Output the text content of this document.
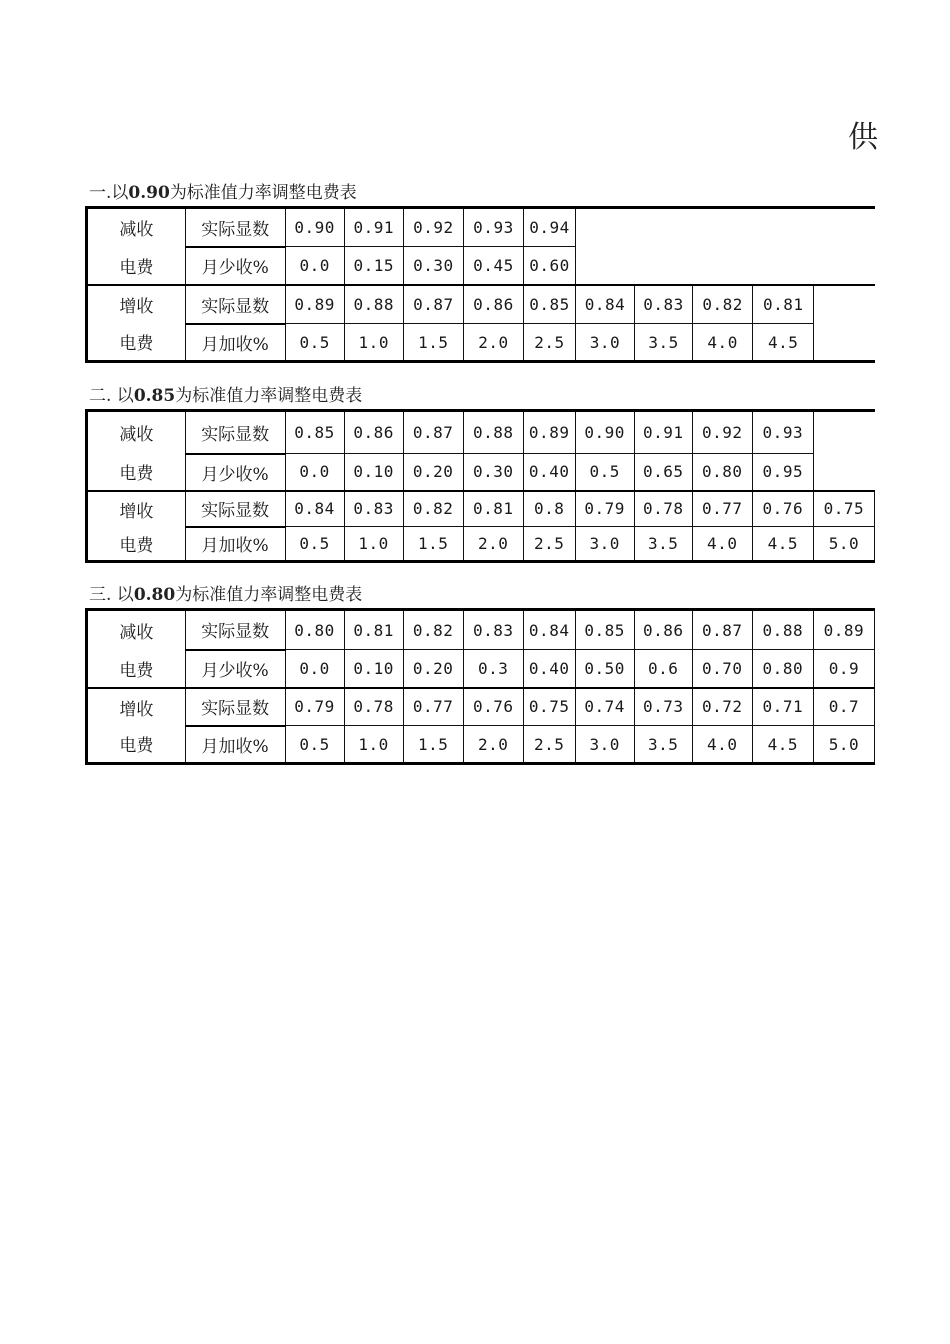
供
一.以0.90为标准值力率调整电费表
减收	实际显数	0.90	0.91	0.92	0.93	0.94					
电费	月少收%	0.0	0.15	0.30	0.45	0.60					
增收	实际显数	0.89	0.88	0.87	0.86	0.85	0.84	0.83	0.82	0.81	
电费	月加收%	0.5	1.0	1.5	2.0	2.5	3.0	3.5	4.0	4.5	
二. 以0.85为标准值力率调整电费表
减收	实际显数	0.85	0.86	0.87	0.88	0.89	0.90	0.91	0.92	0.93	
电费	月少收%	0.0	0.10	0.20	0.30	0.40	0.5	0.65	0.80	0.95	
增收	实际显数	0.84	0.83	0.82	0.81	0.8	0.79	0.78	0.77	0.76	0.75
电费	月加收%	0.5	1.0	1.5	2.0	2.5	3.0	3.5	4.0	4.5	5.0
三. 以0.80为标准值力率调整电费表
减收	实际显数	0.80	0.81	0.82	0.83	0.84	0.85	0.86	0.87	0.88	0.89
电费	月少收%	0.0	0.10	0.20	0.3	0.40	0.50	0.6	0.70	0.80	0.9
增收	实际显数	0.79	0.78	0.77	0.76	0.75	0.74	0.73	0.72	0.71	0.7
电费	月加收%	0.5	1.0	1.5	2.0	2.5	3.0	3.5	4.0	4.5	5.0
